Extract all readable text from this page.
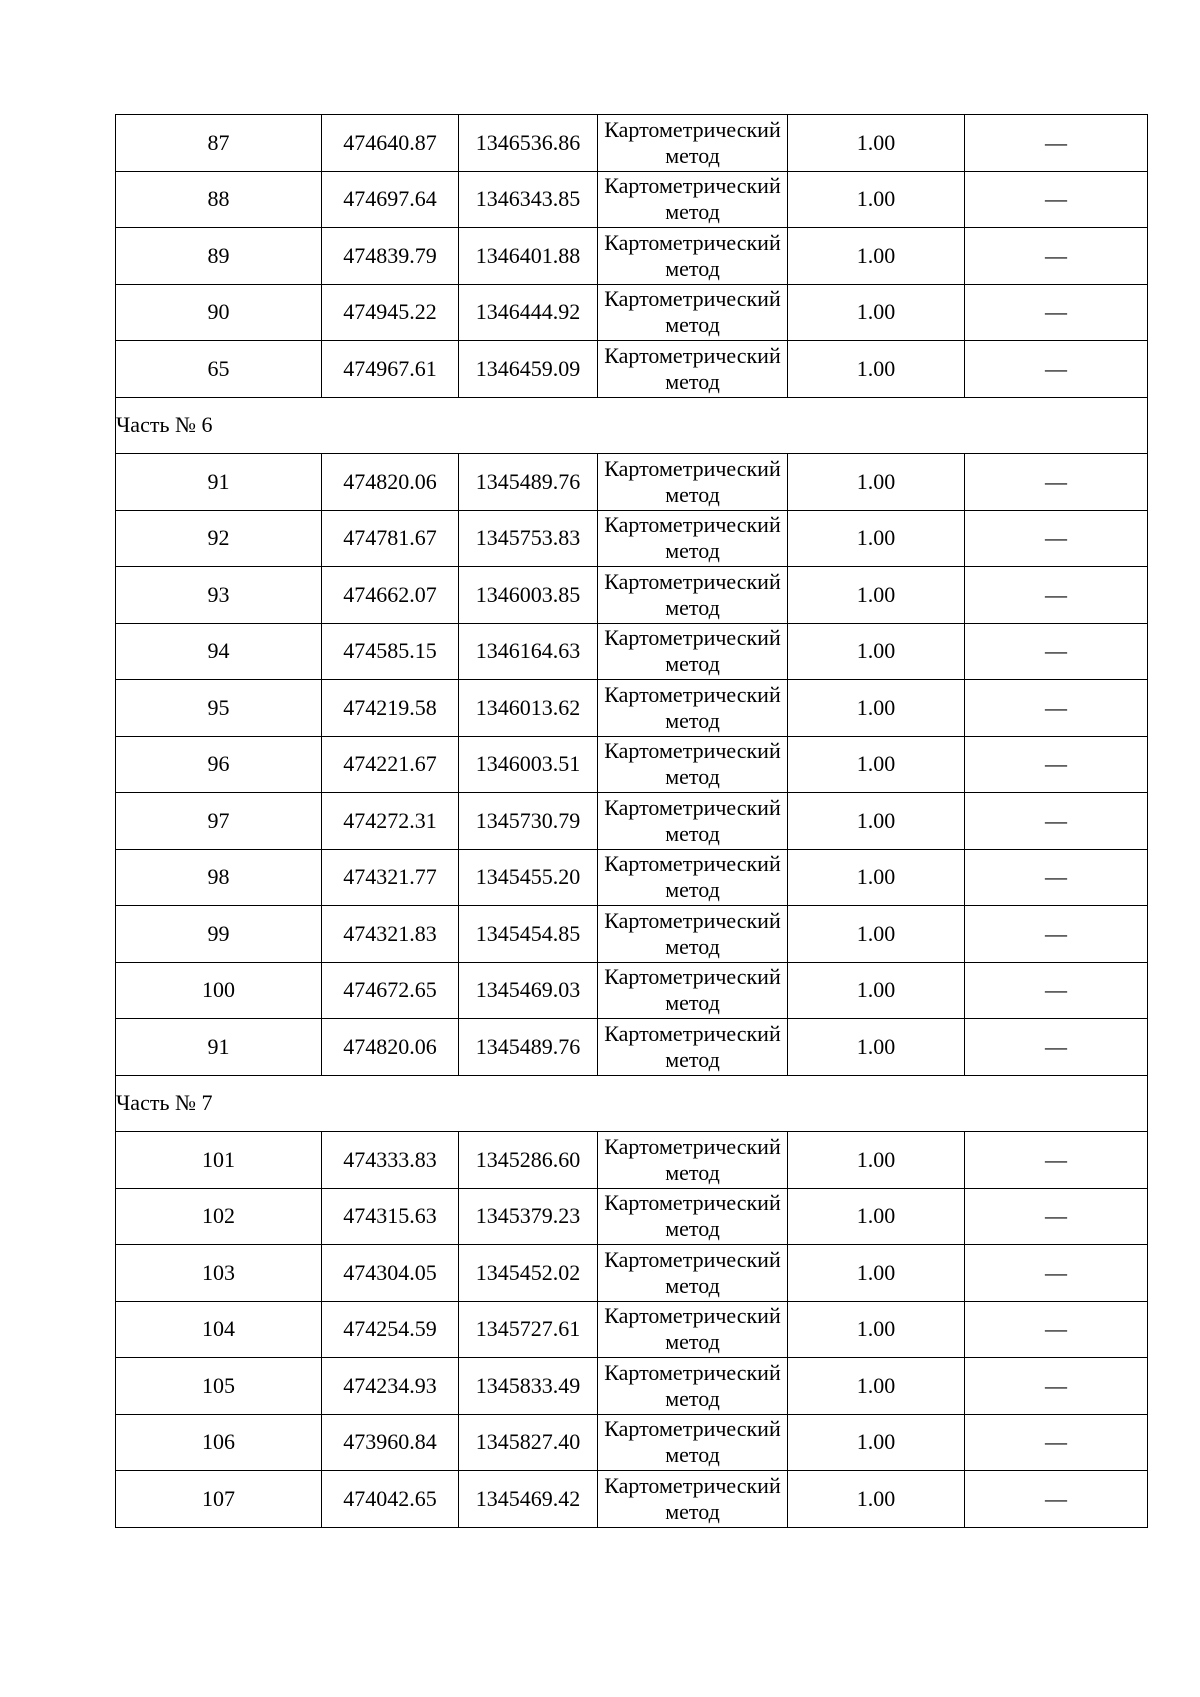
87	474640.87	1346536.86	Картометрический метод	1.00	—
88	474697.64	1346343.85	Картометрический метод	1.00	—
89	474839.79	1346401.88	Картометрический метод	1.00	—
90	474945.22	1346444.92	Картометрический метод	1.00	—
65	474967.61	1346459.09	Картометрический метод	1.00	—
Часть № 6					
91	474820.06	1345489.76	Картометрический метод	1.00	—
92	474781.67	1345753.83	Картометрический метод	1.00	—
93	474662.07	1346003.85	Картометрический метод	1.00	—
94	474585.15	1346164.63	Картометрический метод	1.00	—
95	474219.58	1346013.62	Картометрический метод	1.00	—
96	474221.67	1346003.51	Картометрический метод	1.00	—
97	474272.31	1345730.79	Картометрический метод	1.00	—
98	474321.77	1345455.20	Картометрический метод	1.00	—
99	474321.83	1345454.85	Картометрический метод	1.00	—
100	474672.65	1345469.03	Картометрический метод	1.00	—
91	474820.06	1345489.76	Картометрический метод	1.00	—
Часть № 7					
101	474333.83	1345286.60	Картометрический метод	1.00	—
102	474315.63	1345379.23	Картометрический метод	1.00	—
103	474304.05	1345452.02	Картометрический метод	1.00	—
104	474254.59	1345727.61	Картометрический метод	1.00	—
105	474234.93	1345833.49	Картометрический метод	1.00	—
106	473960.84	1345827.40	Картометрический метод	1.00	—
107	474042.65	1345469.42	Картометрический метод	1.00	—
